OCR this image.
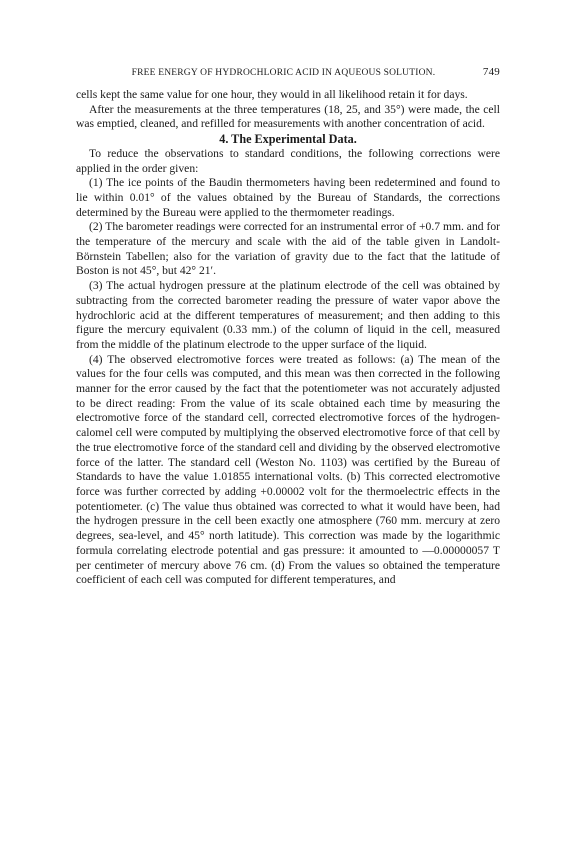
FREE ENERGY OF HYDROCHLORIC ACID IN AQUEOUS SOLUTION.	749

cells kept the same value for one hour, they would in all likelihood retain it for days.

After the measurements at the three temperatures (18, 25, and 35°) were made, the cell was emptied, cleaned, and refilled for measurements with another concentration of acid.

4. The Experimental Data.

To reduce the observations to standard conditions, the following corrections were applied in the order given:

(1) The ice points of the Baudin thermometers having been redetermined and found to lie within 0.01° of the values obtained by the Bureau of Standards, the corrections determined by the Bureau were applied to the thermometer readings.

(2) The barometer readings were corrected for an instrumental error of +0.7 mm. and for the temperature of the mercury and scale with the aid of the table given in Landolt-Börnstein Tabellen; also for the variation of gravity due to the fact that the latitude of Boston is not 45°, but 42° 21′.

(3) The actual hydrogen pressure at the platinum electrode of the cell was obtained by subtracting from the corrected barometer reading the pressure of water vapor above the hydrochloric acid at the different temperatures of measurement; and then adding to this figure the mercury equivalent (0.33 mm.) of the column of liquid in the cell, measured from the middle of the platinum electrode to the upper surface of the liquid.

(4) The observed electromotive forces were treated as follows: (a) The mean of the values for the four cells was computed, and this mean was then corrected in the following manner for the error caused by the fact that the potentiometer was not accurately adjusted to be direct reading: From the value of its scale obtained each time by measuring the electromotive force of the standard cell, corrected electromotive forces of the hydrogen-calomel cell were computed by multiplying the observed electromotive force of that cell by the true electromotive force of the standard cell and dividing by the observed electromotive force of the latter. The standard cell (Weston No. 1103) was certified by the Bureau of Standards to have the value 1.01855 international volts. (b) This corrected electromotive force was further corrected by adding +0.00002 volt for the thermoelectric effects in the potentiometer. (c) The value thus obtained was corrected to what it would have been, had the hydrogen pressure in the cell been exactly one atmosphere (760 mm. mercury at zero degrees, sea-level, and 45° north latitude). This correction was made by the logarithmic formula correlating electrode potential and gas pressure: it amounted to —0.00000057 T per centimeter of mercury above 76 cm. (d) From the values so obtained the temperature coefficient of each cell was computed for different temperatures, and
